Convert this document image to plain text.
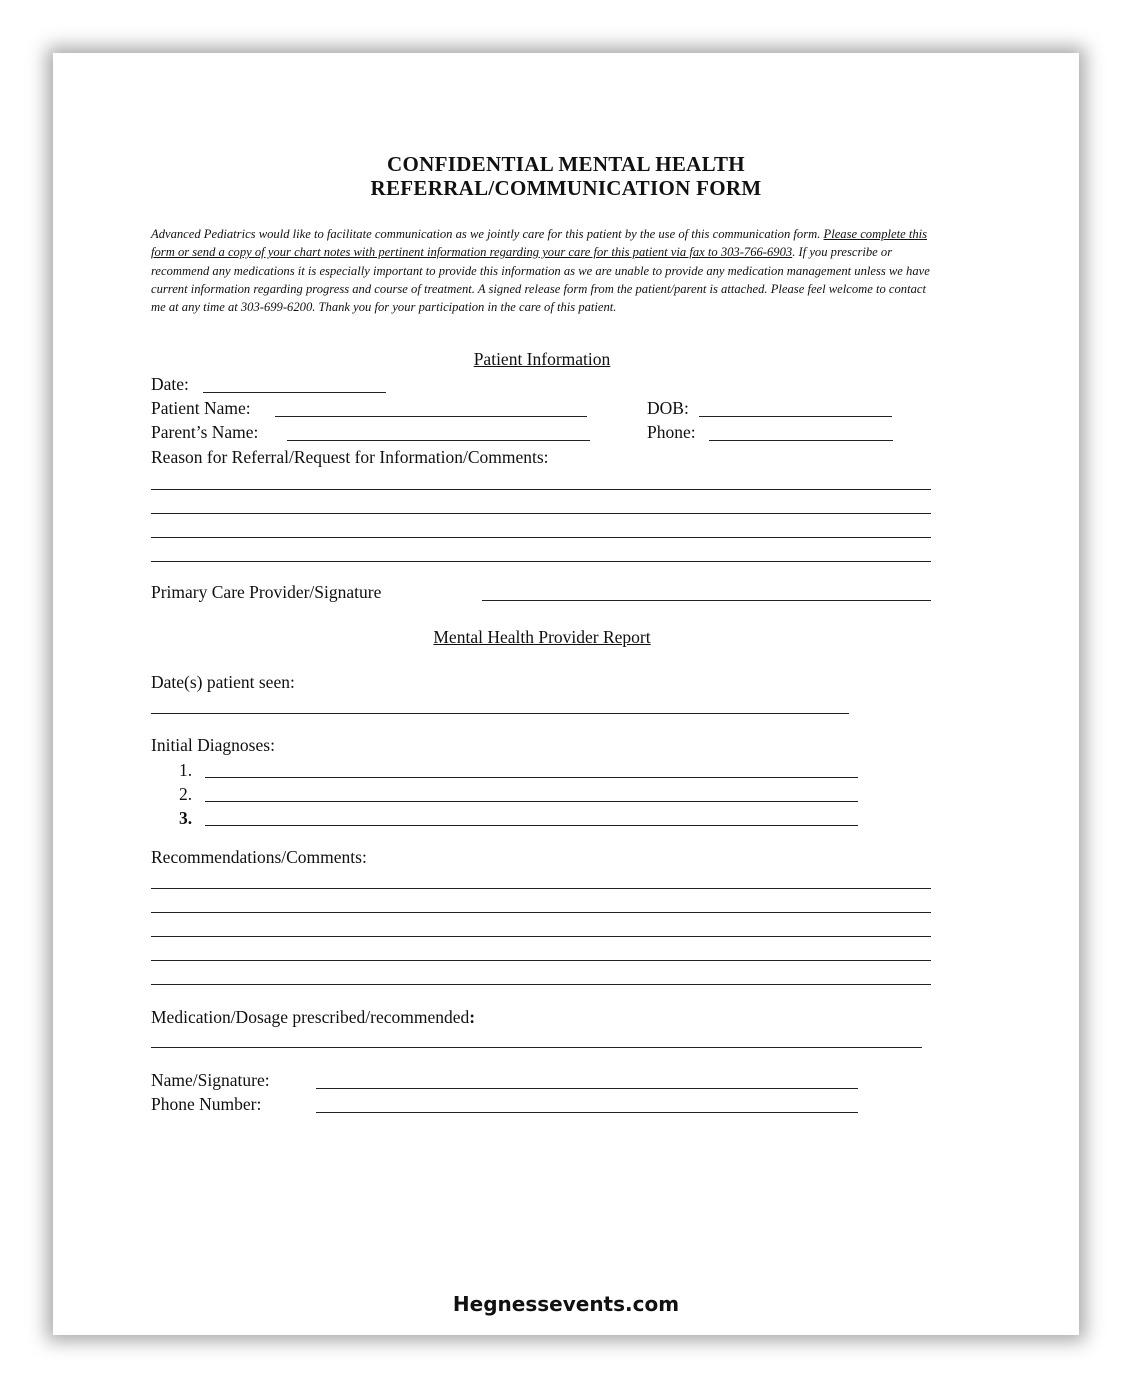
CONFIDENTIAL MENTAL HEALTH
REFERRAL/COMMUNICATION FORM
Advanced Pediatrics would like to facilitate communication as we jointly care for this patient by the use of this communication form. Please complete this form or send a copy of your chart notes with pertinent information regarding your care for this patient via fax to 303-766-6903. If you prescribe or recommend any medications it is especially important to provide this information as we are unable to provide any medication management unless we have current information regarding progress and course of treatment. A signed release form from the patient/parent is attached. Please feel welcome to contact me at any time at 303-699-6200. Thank you for your participation in the care of this patient.
Patient Information
Date:
Patient Name:	DOB:
Parent’s Name:	Phone:
Reason for Referral/Request for Information/Comments:
Primary Care Provider/Signature
Mental Health Provider Report
Date(s) patient seen:
Initial Diagnoses:
1.
2.
3.
Recommendations/Comments:
Medication/Dosage prescribed/recommended:
Name/Signature:
Phone Number:
Hegnessevents.com
